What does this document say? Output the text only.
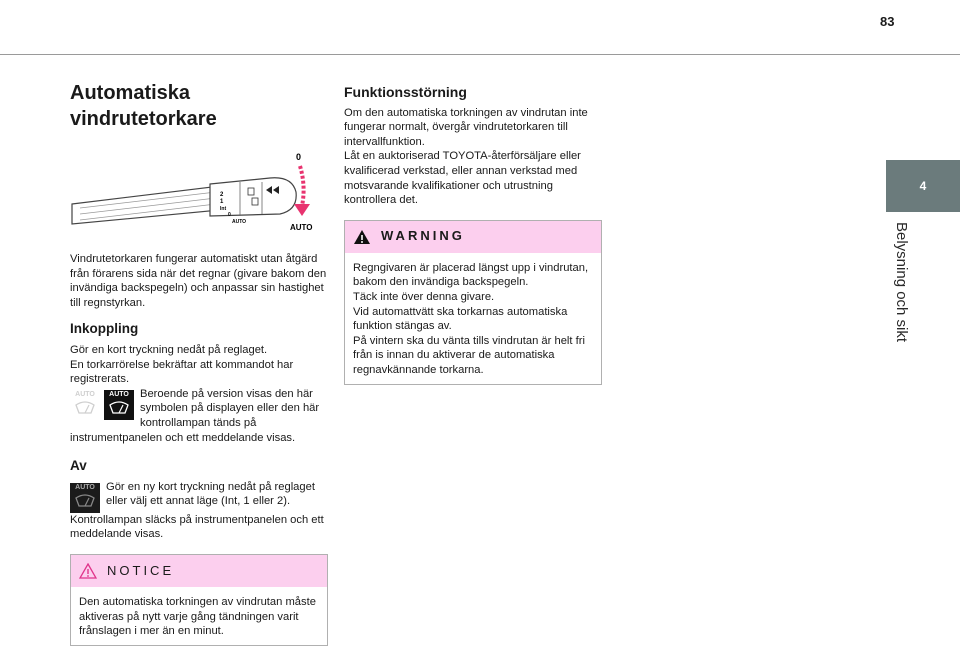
83
4
Belysning och sikt
Automatiska vindrutetorkare
2
1
Int
0
AUTO
0
AUTO

Vindrutetorkaren fungerar automatiskt utan åtgärd från förarens sida när det regnar (givare bakom den invändiga backspegeln) och anpassar sin hastighet till regnstyrkan.

Inkoppling

Gör en kort tryckning nedåt på reglaget.

En torkarrörelse bekräftar att kommandot har registrerats.

AUTO AUTO Beroende på version visas den här symbolen på displayen eller den här kontrollampan tänds på instrumentpanelen och ett meddelande visas.

Av
AUTO Gör en ny kort tryckning nedåt på reglaget eller välj ett annat läge (Int, 1 eller 2).

Kontrollampan släcks på instrumentpanelen och ett meddelande visas.

NOTICE

Den automatiska torkningen av vindrutan måste aktiveras på nytt varje gång tändningen varit frånslagen i mer än en minut.

Funktionsstörning

Om den automatiska torkningen av vindrutan inte fungerar normalt, övergår vindrutetorkaren till intervallfunktion.

Låt en auktoriserad TOYOTA-återförsäljare eller kvalificerad verkstad, eller annan verkstad med motsvarande kvalifikationer och utrustning kontrollera det.

WARNING

Regngivaren är placerad längst upp i vindrutan, bakom den invändiga backspegeln.

Täck inte över denna givare.

Vid automattvätt ska torkarnas automatiska funktion stängas av.

På vintern ska du vänta tills vindrutan är helt fri från is innan du aktiverar de automatiska regnavkännande torkarna.
